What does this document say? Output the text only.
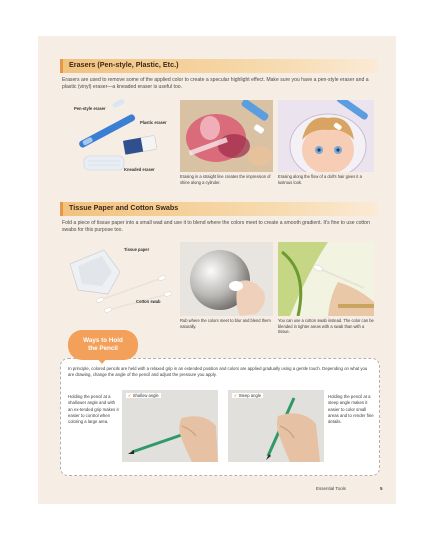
Erasers (Pen-style, Plastic, Etc.)

Erasers are used to remove some of the applied color to create a specular highlight effect. Make sure you have a pen-style eraser and a plastic (vinyl) eraser—a kneaded eraser is useful too.

Pen-style eraser
Plastic eraser
Kneaded eraser

Erasing in a straight line creates the impression of shine along a cylinder.

Erasing along the flow of a doll's hair gives it a lustrous look.

Tissue Paper and Cotton Swabs

Fold a piece of tissue paper into a small wad and use it to blend where the colors meet to create a smooth gradient. It's fine to use cotton swabs for this purpose too.

Tissue paper
Cotton swab

Rub where the colors meet to blur and blend them naturally.

You can use a cotton swab instead. The color can be blended in tighter areas with a swab than with a tissue.

Ways to Hold
the Pencil

In principle, colored pencils are held with a relaxed grip in an extended position and colors are applied gradually using a gentle touch. Depending on what you are drawing, change the angle of the pencil and adjust the pressure you apply.

Holding the pencil at a shallower angle and with an ex-tended grip makes it easier to control when coloring a large area.

✓ Shallow angle	✓ Steep angle	Holding the pencil at a steep angle makes it easier to color small areas and to render fine details.

Essential Tools	5
